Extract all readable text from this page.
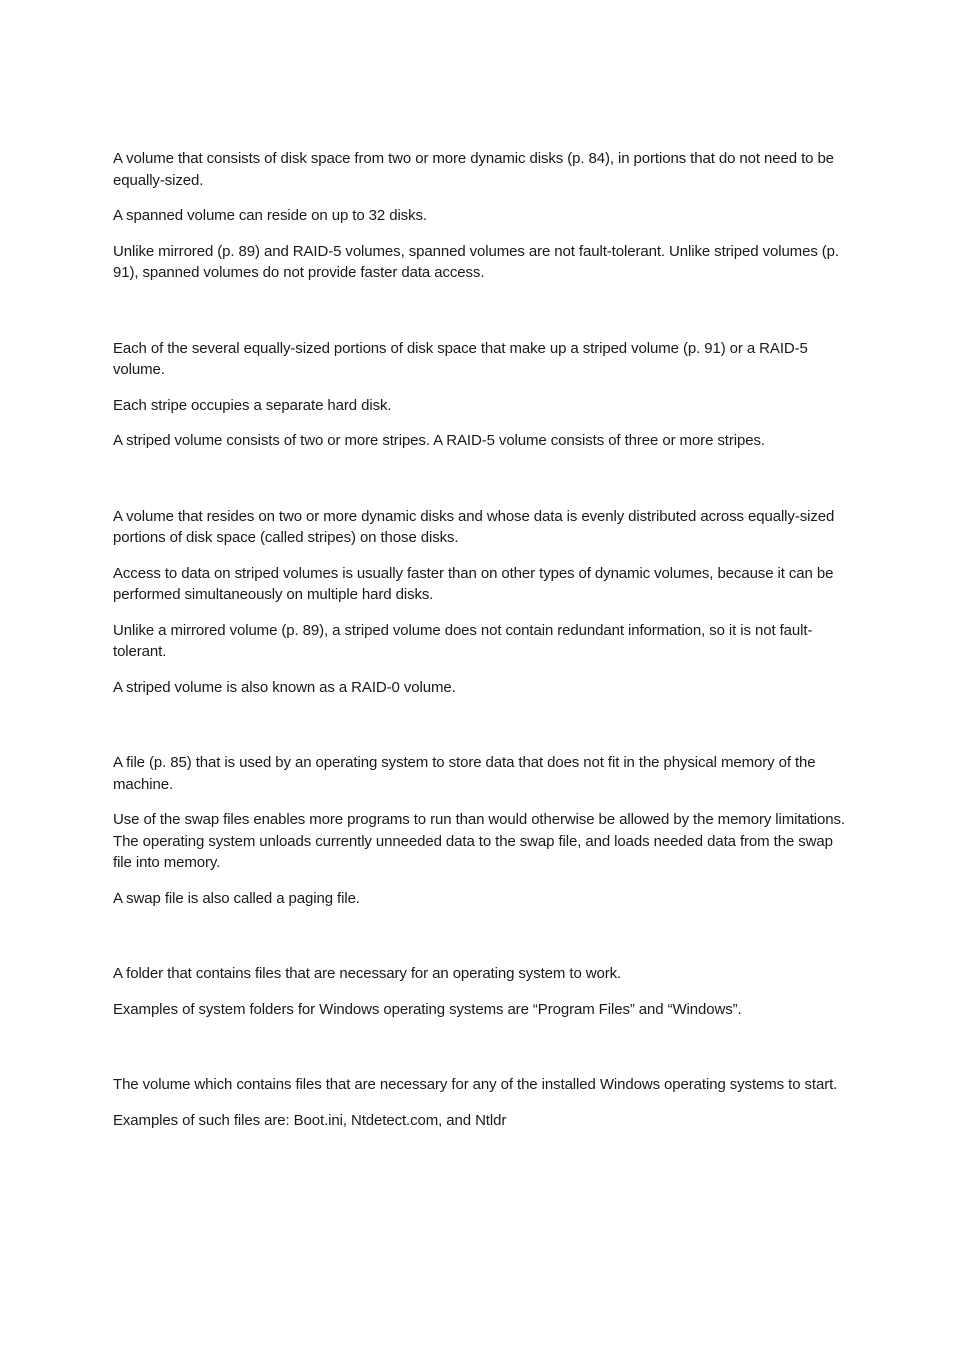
A volume that consists of disk space from two or more dynamic disks (p. 84), in portions that do not need to be equally-sized.

A spanned volume can reside on up to 32 disks.

Unlike mirrored (p. 89) and RAID-5 volumes, spanned volumes are not fault-tolerant. Unlike striped volumes (p. 91), spanned volumes do not provide faster data access.

Each of the several equally-sized portions of disk space that make up a striped volume (p. 91) or a RAID-5 volume.

Each stripe occupies a separate hard disk.

A striped volume consists of two or more stripes. A RAID-5 volume consists of three or more stripes.

A volume that resides on two or more dynamic disks and whose data is evenly distributed across equally-sized portions of disk space (called stripes) on those disks.

Access to data on striped volumes is usually faster than on other types of dynamic volumes, because it can be performed simultaneously on multiple hard disks.

Unlike a mirrored volume (p. 89), a striped volume does not contain redundant information, so it is not fault-tolerant.

A striped volume is also known as a RAID-0 volume.

A file (p. 85) that is used by an operating system to store data that does not fit in the physical memory of the machine.

Use of the swap files enables more programs to run than would otherwise be allowed by the memory limitations. The operating system unloads currently unneeded data to the swap file, and loads needed data from the swap file into memory.

A swap file is also called a paging file.

A folder that contains files that are necessary for an operating system to work.

Examples of system folders for Windows operating systems are “Program Files” and “Windows”.

The volume which contains files that are necessary for any of the installed Windows operating systems to start.

Examples of such files are: Boot.ini, Ntdetect.com, and Ntldr
